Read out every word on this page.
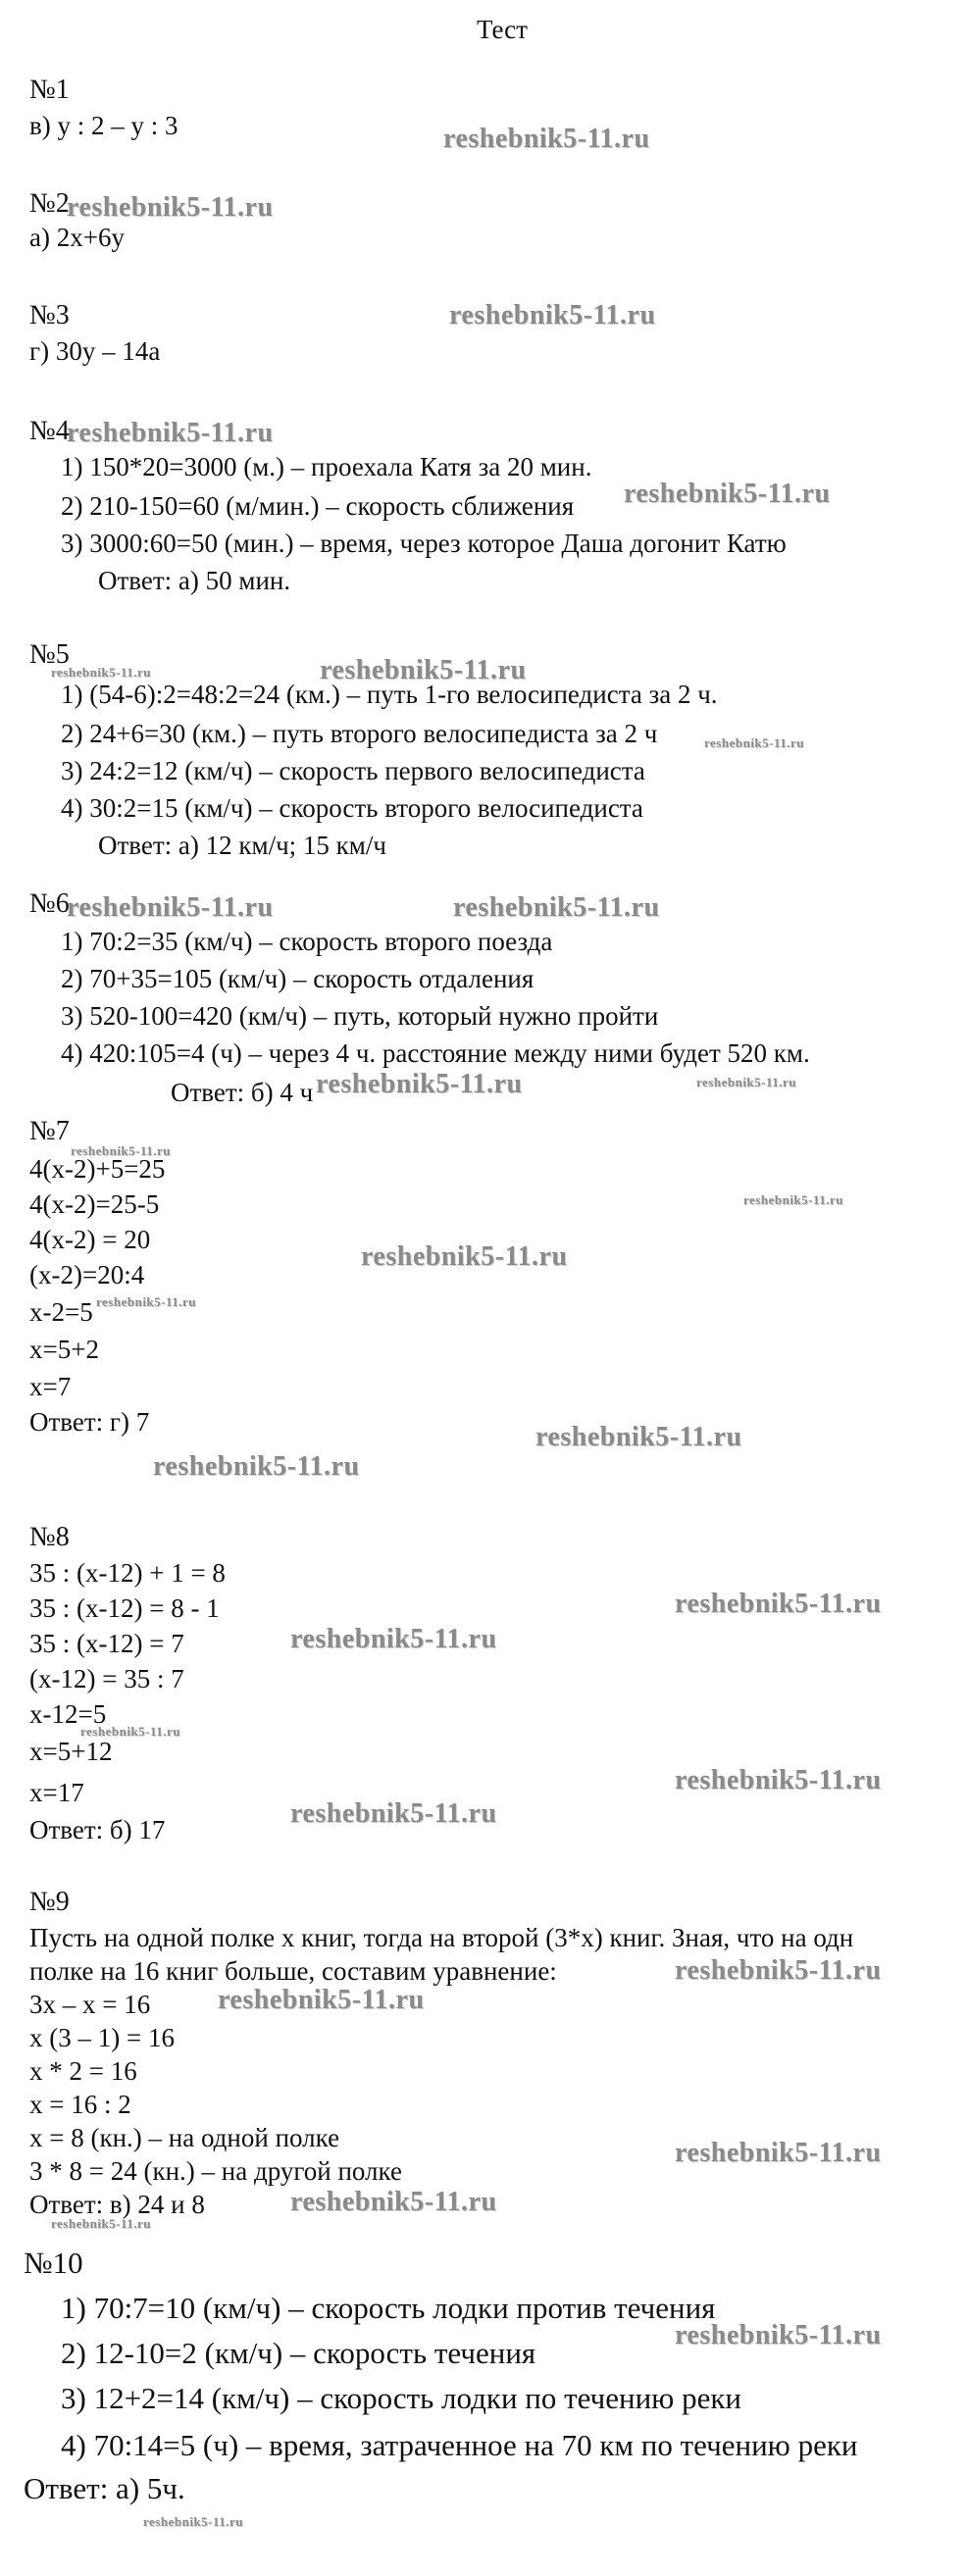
Тест
№1
в) у : 2 – у : 3
№2
а) 2х+6у
№3
г) 30у – 14а
№4
1) 150*20=3000 (м.) – проехала Катя за 20 мин.
2) 210-150=60 (м/мин.) – скорость сближения
3) 3000:60=50 (мин.) – время, через которое Даша догонит Катю
Ответ: а) 50 мин.
№5
1) (54-6):2=48:2=24 (км.) – путь 1-го велосипедиста за 2 ч.
2) 24+6=30 (км.) – путь второго велосипедиста за 2 ч
3) 24:2=12 (км/ч) – скорость первого велосипедиста
4) 30:2=15 (км/ч) – скорость второго велосипедиста
Ответ: а) 12 км/ч; 15 км/ч
№6
1) 70:2=35 (км/ч) – скорость второго поезда
2) 70+35=105 (км/ч) – скорость отдаления
3) 520-100=420 (км/ч) – путь, который нужно пройти
4) 420:105=4 (ч) – через 4 ч. расстояние между ними будет 520 км.
Ответ: б) 4 ч
№7
4(х-2)+5=25
4(х-2)=25-5
4(х-2) = 20
(х-2)=20:4
х-2=5
х=5+2
х=7
Ответ: г) 7
№8
35 : (х-12) + 1 = 8
35 : (х-12) = 8 - 1
35 : (х-12) = 7
(х-12) = 35 : 7
х-12=5
х=5+12
х=17
Ответ: б) 17
№9
Пусть на одной полке х книг, тогда на второй (3*х) книг. Зная, что на одн
полке на 16 книг больше, составим уравнение:
3х – х = 16
х (3 – 1) = 16
х * 2 = 16
х = 16 : 2
х = 8 (кн.) – на одной полке
3 * 8 = 24 (кн.) – на другой полке
Ответ: в) 24 и 8
№10
1) 70:7=10 (км/ч) – скорость лодки против течения
2) 12-10=2 (км/ч) – скорость течения
3) 12+2=14 (км/ч) – скорость лодки по течению реки
4) 70:14=5 (ч) – время, затраченное на 70 км по течению реки
Ответ: а) 5ч.
reshebnik5-11.ru
reshebnik5-11.ru
reshebnik5-11.ru
reshebnik5-11.ru
reshebnik5-11.ru
reshebnik5-11.ru	reshebnik5-11.ru
reshebnik5-11.ru
reshebnik5-11.ru	reshebnik5-11.ru
reshebnik5-11.ru	reshebnik5-11.ru
reshebnik5-11.ru
reshebnik5-11.ru
reshebnik5-11.ru
reshebnik5-11.ru
reshebnik5-11.ru
reshebnik5-11.ru
reshebnik5-11.ru
reshebnik5-11.ru
reshebnik5-11.ru
reshebnik5-11.ru
reshebnik5-11.ru
reshebnik5-11.ru
reshebnik5-11.ru
reshebnik5-11.ru
reshebnik5-11.ru
reshebnik5-11.ru
reshebnik5-11.ru
reshebnik5-11.ru
